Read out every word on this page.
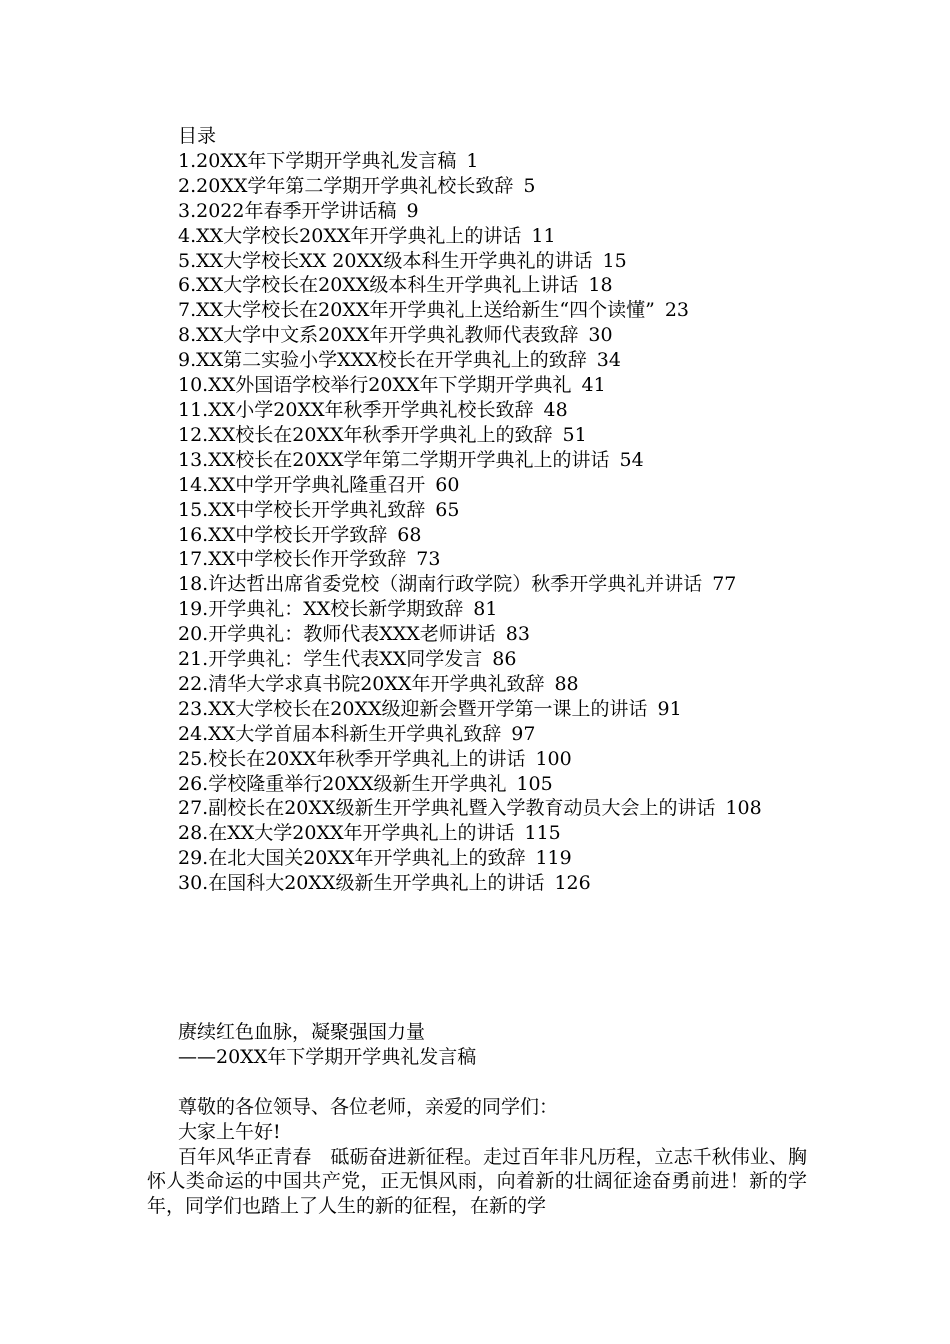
目录
1.20XX年下学期开学典礼发言稿 1
2.20XX学年第二学期开学典礼校长致辞 5
3.2022年春季开学讲话稿 9
4.XX大学校长20XX年开学典礼上的讲话 11
5.XX大学校长XX 20XX级本科生开学典礼的讲话 15
6.XX大学校长在20XX级本科生开学典礼上讲话 18
7.XX大学校长在20XX年开学典礼上送给新生“四个读懂” 23
8.XX大学中文系20XX年开学典礼教师代表致辞 30
9.XX第二实验小学XXX校长在开学典礼上的致辞 34
10.XX外国语学校举行20XX年下学期开学典礼 41
11.XX小学20XX年秋季开学典礼校长致辞 48
12.XX校长在20XX年秋季开学典礼上的致辞 51
13.XX校长在20XX学年第二学期开学典礼上的讲话 54
14.XX中学开学典礼隆重召开 60
15.XX中学校长开学典礼致辞 65
16.XX中学校长开学致辞 68
17.XX中学校长作开学致辞 73
18.许达哲出席省委党校（湖南行政学院）秋季开学典礼并讲话 77
19.开学典礼：XX校长新学期致辞 81
20.开学典礼：教师代表XXX老师讲话 83
21.开学典礼：学生代表XX同学发言 86
22.清华大学求真书院20XX年开学典礼致辞 88
23.XX大学校长在20XX级迎新会暨开学第一课上的讲话 91
24.XX大学首届本科新生开学典礼致辞 97
25.校长在20XX年秋季开学典礼上的讲话 100
26.学校隆重举行20XX级新生开学典礼 105
27.副校长在20XX级新生开学典礼暨入学教育动员大会上的讲话 108
28.在XX大学20XX年开学典礼上的讲话 115
29.在北大国关20XX年开学典礼上的致辞 119
30.在国科大20XX级新生开学典礼上的讲话 126
赓续红色血脉，凝聚强国力量
——20XX年下学期开学典礼发言稿
尊敬的各位领导、各位老师，亲爱的同学们：
大家上午好!
百年风华正青春　砥砺奋进新征程。走过百年非凡历程，立志千秋伟业、胸怀人类命运的中国共产党，正无惧风雨，向着新的壮阔征途奋勇前进！新的学年，同学们也踏上了人生的新的征程，在新的学
